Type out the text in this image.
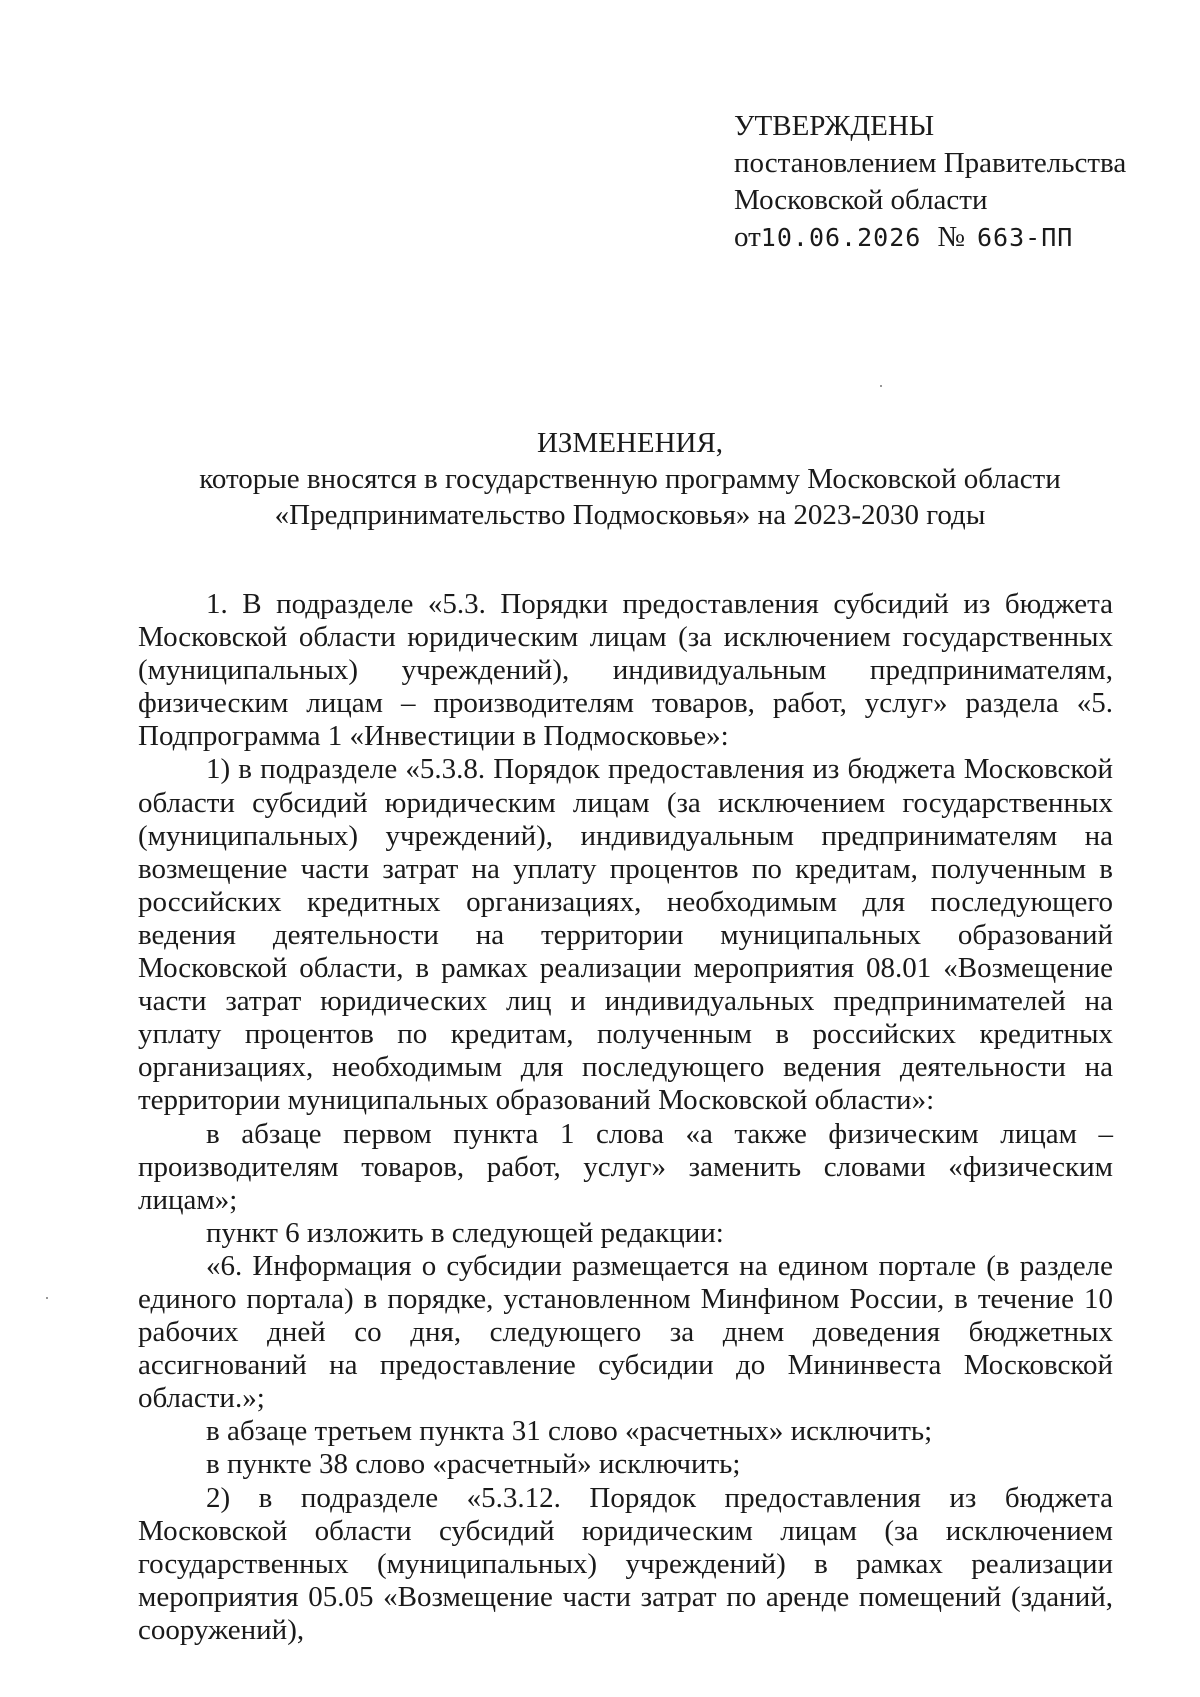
УТВЕРЖДЕНЫ
постановлением Правительства
Московской области
от10.06.2026 № 663-ПП
ИЗМЕНЕНИЯ,
которые вносятся в государственную программу Московской области
«Предпринимательство Подмосковья» на 2023-2030 годы

1. В подразделе «5.3. Порядки предоставления субсидий из бюджета Московской области юридическим лицам (за исключением государственных (муниципальных) учреждений), индивидуальным предпринимателям, физическим лицам – производителям товаров, работ, услуг» раздела «5. Подпрограмма 1 «Инвестиции в Подмосковье»:

1) в подразделе «5.3.8. Порядок предоставления из бюджета Московской области субсидий юридическим лицам (за исключением государственных (муниципальных) учреждений), индивидуальным предпринимателям на возмещение части затрат на уплату процентов по кредитам, полученным в российских кредитных организациях, необходимым для последующего ведения деятельности на территории муниципальных образований Московской области, в рамках реализации мероприятия 08.01 «Возмещение части затрат юридических лиц и индивидуальных предпринимателей на уплату процентов по кредитам, полученным в российских кредитных организациях, необходимым для последующего ведения деятельности на территории муниципальных образований Московской области»:

в абзаце первом пункта 1 слова «а также физическим лицам – производителям товаров, работ, услуг» заменить словами «физическим лицам»;

пункт 6 изложить в следующей редакции:

«6. Информация о субсидии размещается на едином портале (в разделе единого портала) в порядке, установленном Минфином России, в течение 10 рабочих дней со дня, следующего за днем доведения бюджетных ассигнований на предоставление субсидии до Мининвеста Московской области.»;

в абзаце третьем пункта 31 слово «расчетных» исключить;

в пункте 38 слово «расчетный» исключить;

2) в подразделе «5.3.12. Порядок предоставления из бюджета Московской области субсидий юридическим лицам (за исключением государственных (муниципальных) учреждений) в рамках реализации мероприятия 05.05 «Возмещение части затрат по аренде помещений (зданий, сооружений),
